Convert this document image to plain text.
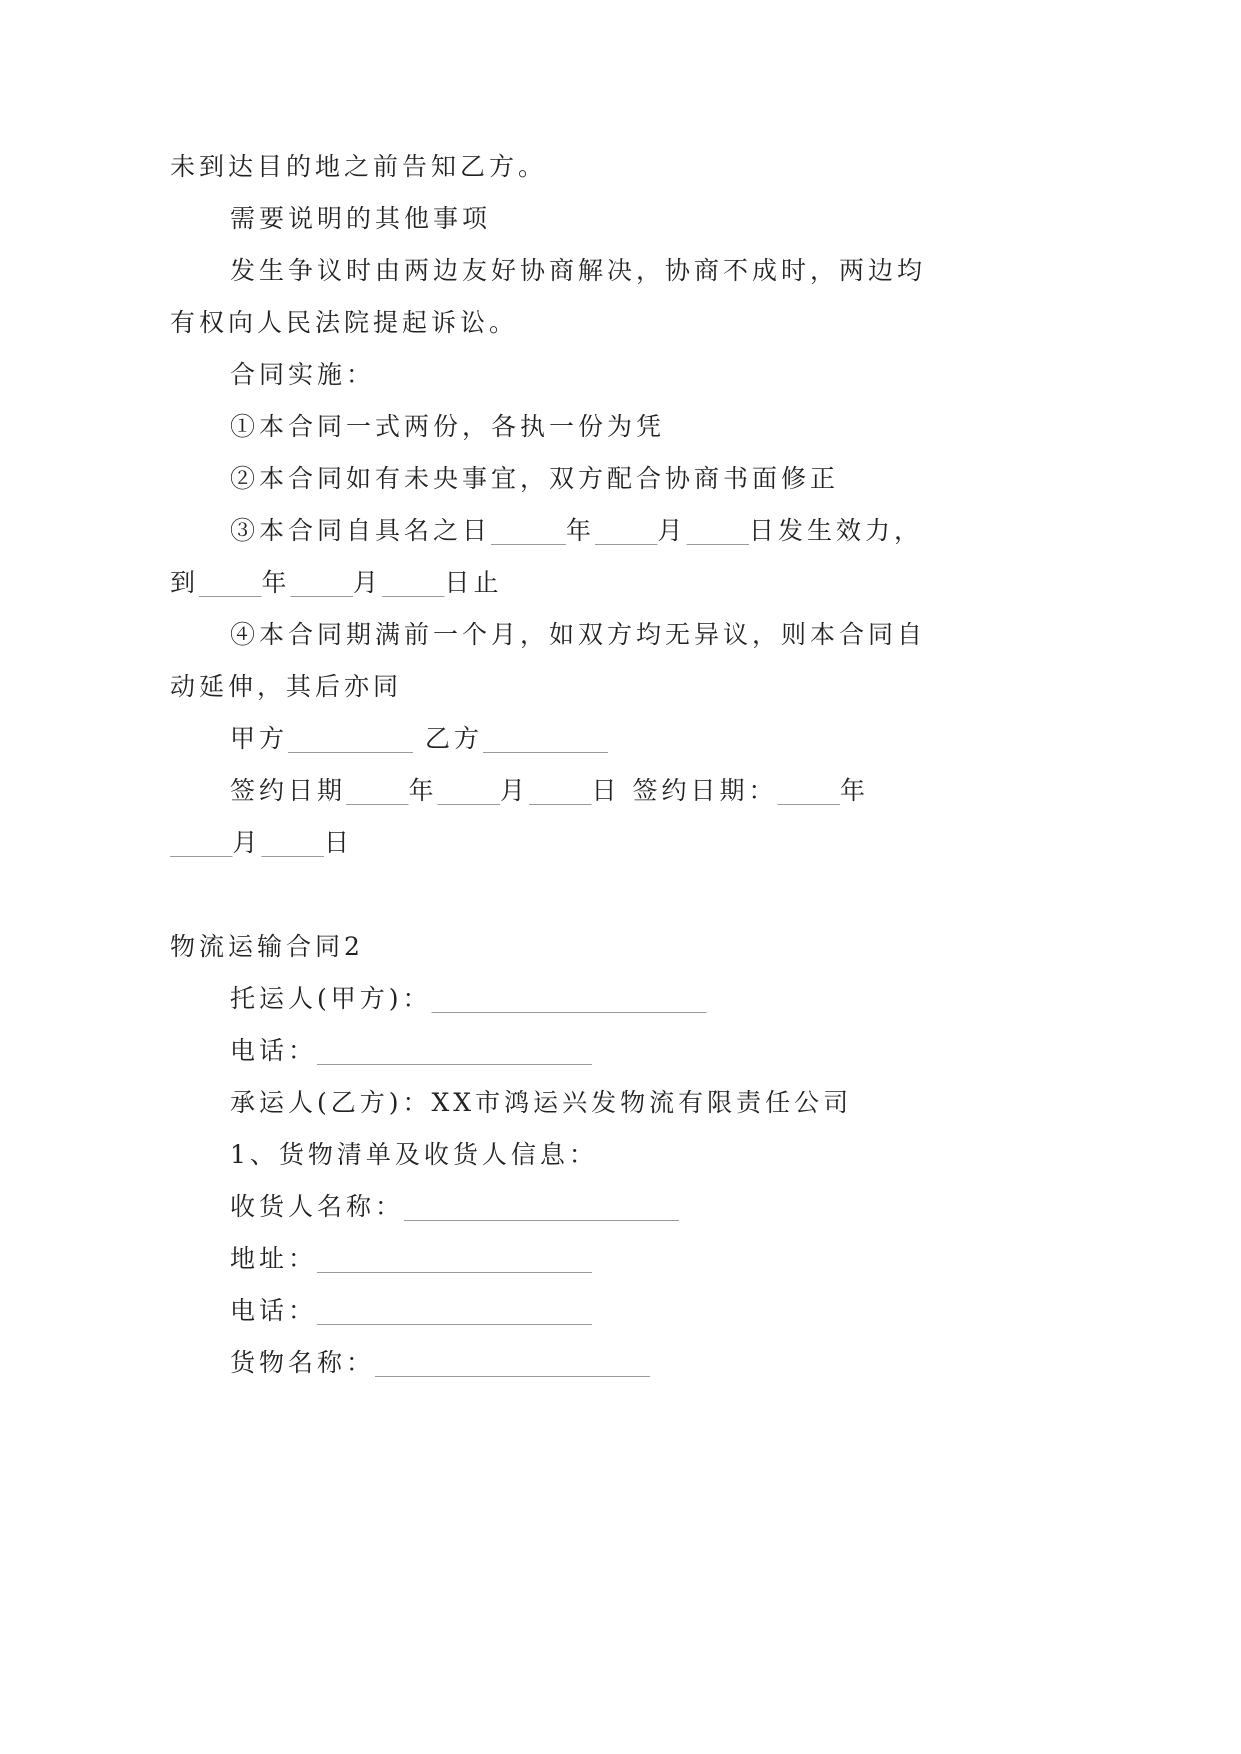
未到达目的地之前告知乙方。
需要说明的其他事项
发生争议时由两边友好协商解决，协商不成时，两边均
有权向人民法院提起诉讼。
合同实施：
①本合同一式两份，各执一份为凭
②本合同如有未央事宜，双方配合协商书面修正
③本合同自具名之日______年_____月_____日发生效力，
到_____年_____月_____日止
④本合同期满前一个月，如双方均无异议，则本合同自
动延伸，其后亦同
甲方__________ 乙方__________
签约日期_____年_____月_____日 签约日期：_____年
_____月_____日
物流运输合同2
托运人(甲方)：______________________
电话：______________________
承运人(乙方)：XX市鸿运兴发物流有限责任公司
1、货物清单及收货人信息：
收货人名称：______________________
地址：______________________
电话：______________________
货物名称：______________________
